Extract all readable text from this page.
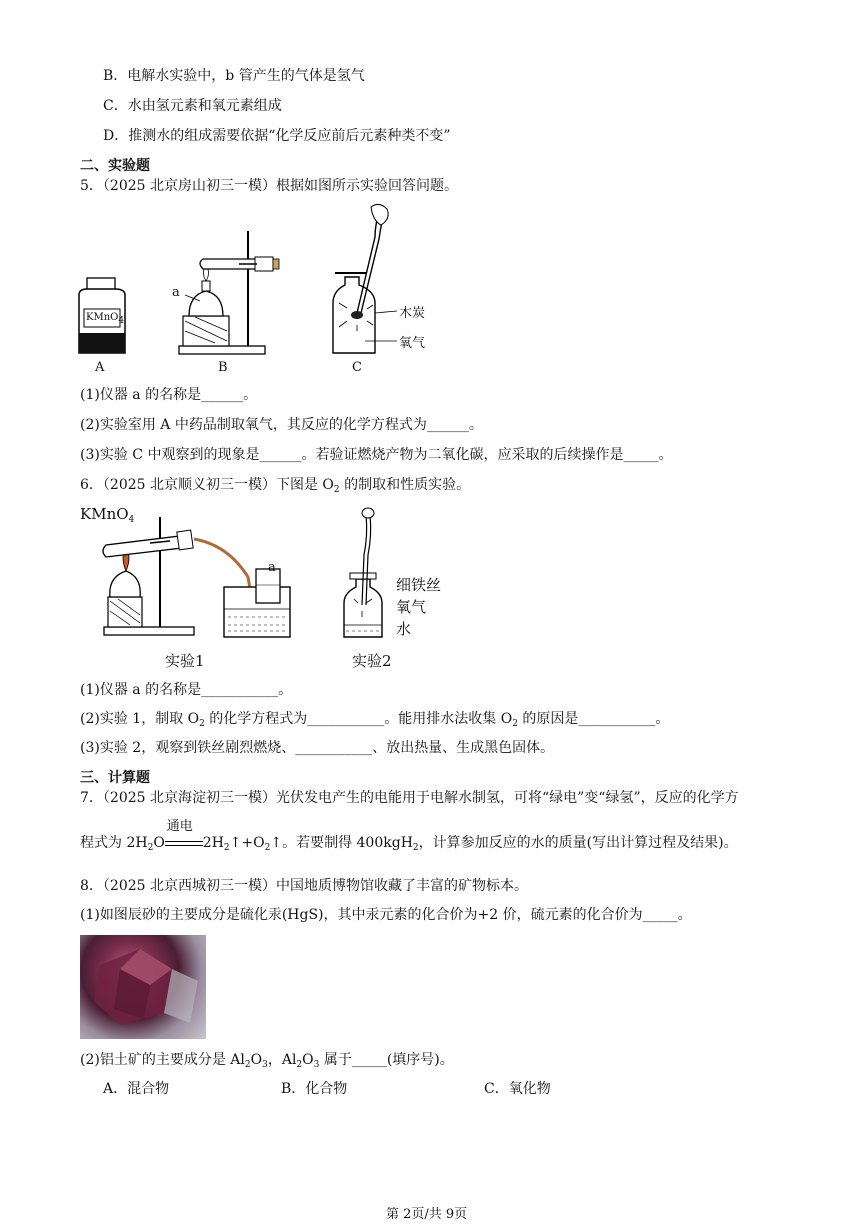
B．电解水实验中，b 管产生的气体是氢气
C．水由氢元素和氧元素组成
D．推测水的组成需要依据“化学反应前后元素种类不变”
二、实验题
5．（2025 北京房山初三一模）根据如图所示实验回答问题。
KMnO$_4$
a
A	B	C
木炭
氧气
(1)仪器 a 的名称是______。
(2)实验室用 A 中药品制取氧气，其反应的化学方程式为______。
(3)实验 C 中观察到的现象是______。若验证燃烧产物为二氧化碳，应采取的后续操作是_____。
6．（2025 北京顺义初三一模）下图是 $O_2$ 的制取和性质实验。
KMnO$_4$
a
细铁丝
氧气
水
实验1	实验2
(1)仪器 a 的名称是___________。
(2)实验 1，制取 $O_2$ 的化学方程式为___________。能用排水法收集 $O_2$ 的原因是___________。
(3)实验 2，观察到铁丝剧烈燃烧、___________、放出热量、生成黑色固体。
三、计算题
7．（2025 北京海淀初三一模）光伏发电产生的电能用于电解水制氢，可将“绿电”变“绿氢”，反应的化学方
程式为 $2H_2O$
通电
$2H_2↑+O_2↑$。若要制得 400kgH$_2$，计算参加反应的水的质量(写出计算过程及结果)。
8．（2025 北京西城初三一模）中国地质博物馆收藏了丰富的矿物标本。
(1)如图辰砂的主要成分是硫化汞(HgS)，其中汞元素的化合价为+2 价，硫元素的化合价为_____。
(2)铝土矿的主要成分是 $Al_2O_3$，$Al_2O_3$ 属于_____(填序号)。
A．混合物	B．化合物	C．氧化物
第 2页/共 9页
